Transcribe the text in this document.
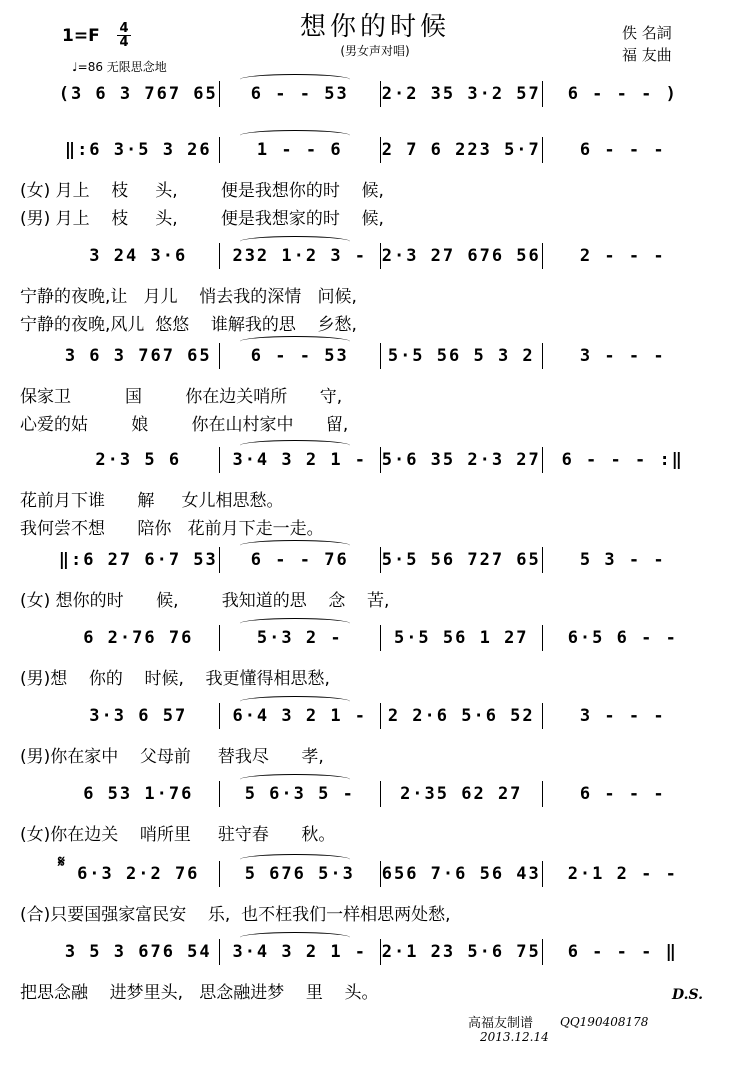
1=F 4
4
♩=86 无限思念地
想你的时候
(男女声对唱)
佚 名詞
福 友曲
(3 6 3 767 65	6 - - 53	2·2 35 3·2 57	6 - - - )
‖:6 3·5 3 26	1 - - 6	2 7 6 223 5·7	6 - - -
(女) 月上    枝     头,        便是我想你的时    候,
(男) 月上    枝     头,        便是我想家的时    候,
3 24 3·6	232 1·2 3 - 2·3 27 676 56	2 - - -
宁静的夜晚,让   月儿    悄去我的深情   问候,
宁静的夜晚,风儿  悠悠    谁解我的思    乡愁,
3 6 3 767 65	6 - - 53	5·5 56 5 3 2	3 - - -
保家卫          国        你在边关哨所      守,
心爱的姑        娘        你在山村家中      留,
2·3 5 6	3·4 3 2 1 - 5·6 35 2·3 27	6 - - - :‖
花前月下谁      解     女儿相思愁。
我何尝不想      陪你   花前月下走一走。
‖:6 27 6·7 53	6 - - 76	5·5 56 727 65	5 3 - -
(女) 想你的时      候,        我知道的思    念    苦,
6 2·76 76	5·3 2 -	5·5 56 1 27	6·5 6 - -
(男)想    你的    时候,    我更懂得相思愁,
3·3 6 57	6·4 3 2 1 -	2 2·6 5·6 52	3 - - -
(男)你在家中    父母前     替我尽      孝,
6 53 1·76	5 6·3 5 -	2·35 62 27	6 - - -
(女)你在边关    哨所里     驻守春      秋。
6·3 2·2 76	5 676 5·3	656 7·6 56 43	2·1 2 - -
(合)只要国强家富民安    乐,  也不枉我们一样相思两处愁,
3 5 3 676 54	3·4 3 2 1 - 2·1 23 5·6 75	6 - - - ‖
把思念融    进梦里头,   思念融进梦    里    头。
𝄋
D.S.
高福友制谱 QQ190408178
2013.12.14
